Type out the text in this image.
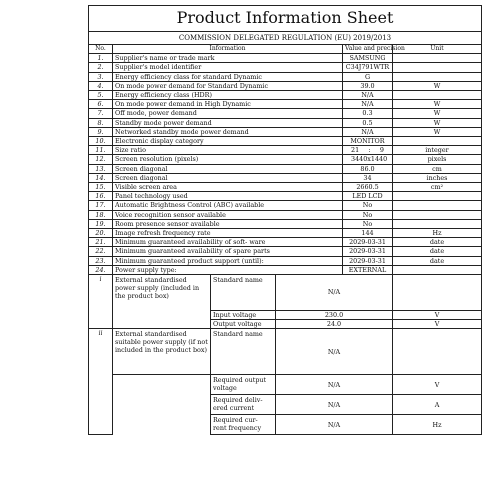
Product Information Sheet					
COMMISSION DELEGATED REGULATION (EU) 2019/2013					
No.	Information			Value and precision	Unit
1.	Supplier's name or trade mark			SAMSUNG	
2.	Supplier's model identifier			C34J791WTR	
3.	Energy efficiency class for standard Dynamic			G	
4.	On mode power demand for Standard Dynamic			39.0	W
5.	Energy efficiency class (HDR)			N/A	
6.	On mode power demand in High Dynamic			N/A	W
7.	Off mode, power demand			0.3	W
8.	Standby mode power demand			0.5	W
9.	Networked standby mode power demand			N/A	W
10.	Electronic display category			MONITOR	
11.	Size ratio			21 : 9	integer
12.	Screen resolution (pixels)			3440 x 1440	pixels
13.	Screen diagonal			86.0	cm
14.	Screen diagonal			34	inches
15.	Visible screen area			2660.5	cm²
16.	Panel technology used			LED LCD	
17.	Automatic Brightness Control (ABC) available			No	
18.	Voice recognition sensor available			No	
19.	Room presence sensor available			No	
20.	Image refresh frequency rate			144	Hz
21.	Minimum guaranteed availability of soft- ware			2029-03-31	date
22.	Minimum guaranteed availability of spare parts			2029-03-31	date
23.	Minimum guaranteed product support (until):			2029-03-31	date
24.	Power supply type:			EXTERNAL	
i	External standardised power supply (included in the product box)	Standard name	N/A		
		Input voltage	230.0		V
		Output voltage	24.0		V
ii	External standardised suitable power supply (if not included in the product box)	Standard name	N/A		
		Required output voltage	N/A		V
		Required deliv- ered current	N/A		A
		Required cur- rent frequency	N/A		Hz
